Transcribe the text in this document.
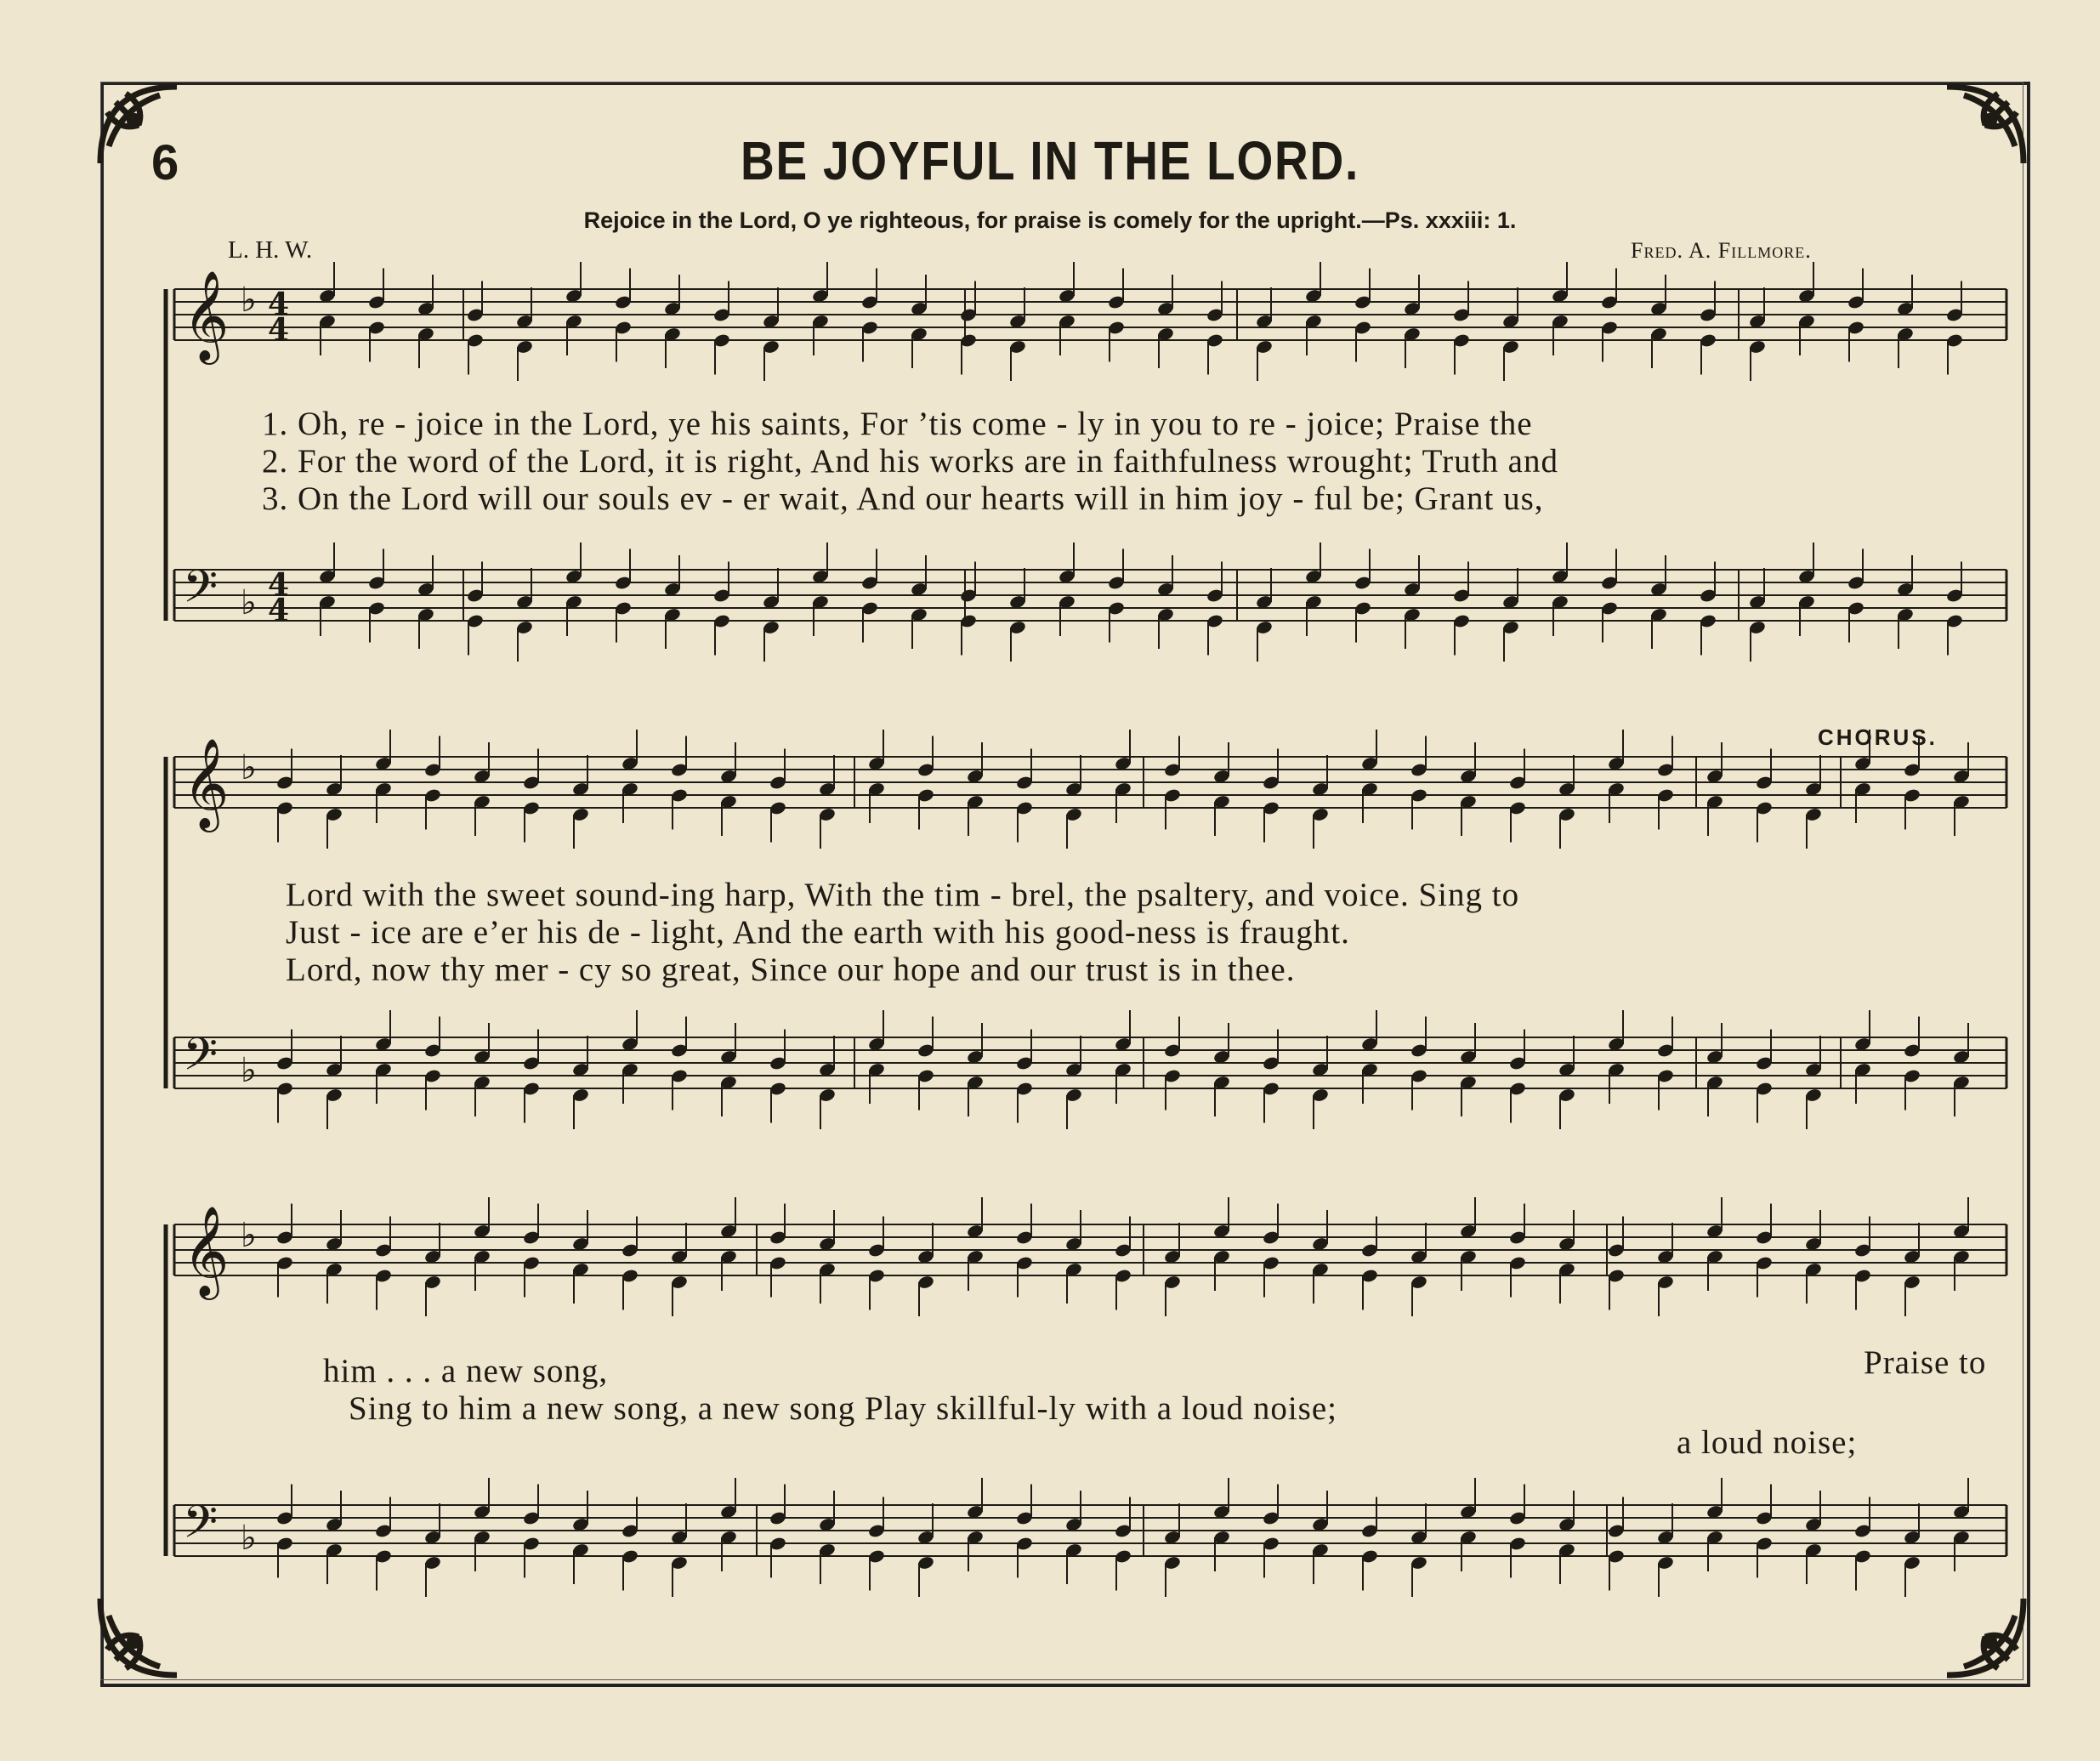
6	BE JOYFUL IN THE LORD.
Rejoice in the Lord, O ye righteous, for praise is comely for the upright.—Ps. xxxiii: 1.
L. H. W.	Fred. A. Fillmore.
𝄞 ♭ 4
4
𝄢 ♭ 4
4
𝄞 ♭
𝄢 ♭
𝄞 ♭
𝄢 ♭
1. Oh, re - joice in the Lord, ye his saints, For ’tis come - ly in you to re - joice; Praise the
2. For the word of the Lord, it is right, And his works are in faithfulness wrought; Truth and
3. On the Lord will our souls ev - er wait, And our hearts will in him joy - ful be; Grant us,
CHORUS.
Lord with the sweet sound-ing harp, With the tim - brel, the psaltery, and voice. Sing to
Just - ice are e’er his de - light, And the earth with his good-ness is fraught.
Lord, now thy mer - cy so great, Since our hope and our trust is in thee.
him . . . a new song,
Sing to him a new song, a new song Play skillful-ly with a loud noise;
a loud noise;
Praise to
